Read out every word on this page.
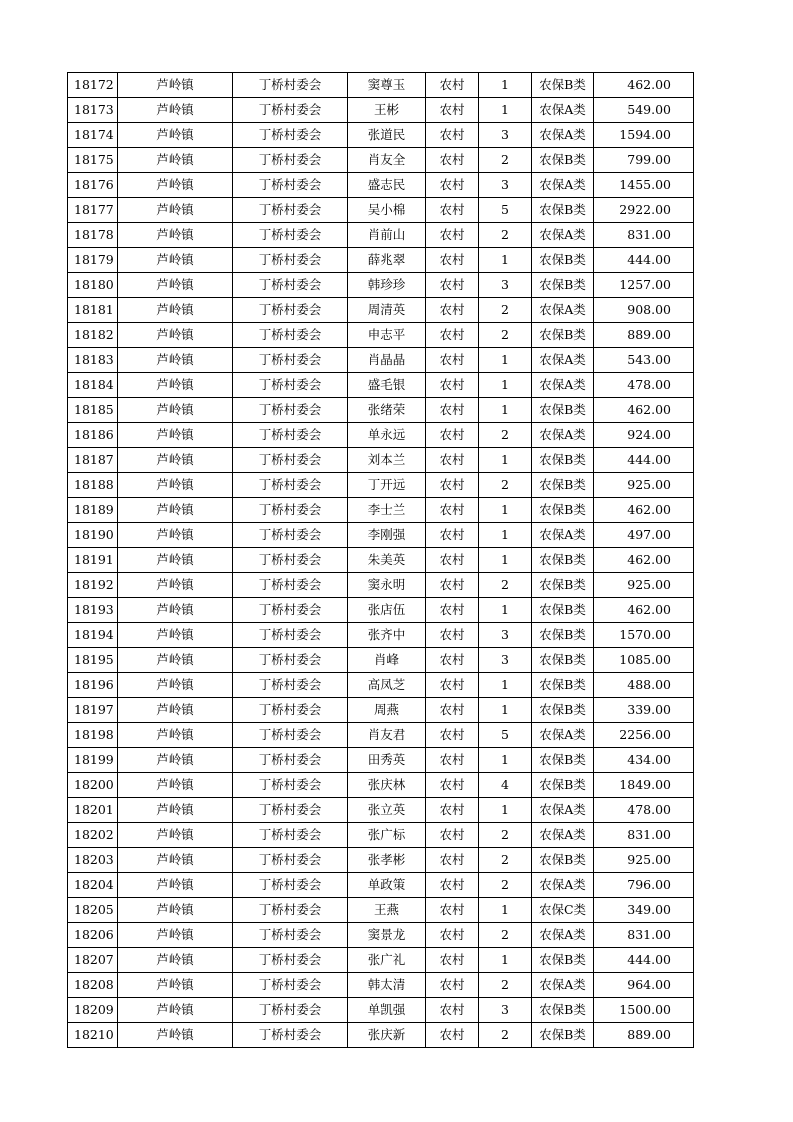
18172	芦岭镇	丁桥村委会	窦尊玉	农村	1	农保B类	462.00
18173	芦岭镇	丁桥村委会	王彬	农村	1	农保A类	549.00
18174	芦岭镇	丁桥村委会	张道民	农村	3	农保A类	1594.00
18175	芦岭镇	丁桥村委会	肖友全	农村	2	农保B类	799.00
18176	芦岭镇	丁桥村委会	盛志民	农村	3	农保A类	1455.00
18177	芦岭镇	丁桥村委会	吴小棉	农村	5	农保B类	2922.00
18178	芦岭镇	丁桥村委会	肖前山	农村	2	农保A类	831.00
18179	芦岭镇	丁桥村委会	薛兆翠	农村	1	农保B类	444.00
18180	芦岭镇	丁桥村委会	韩珍珍	农村	3	农保B类	1257.00
18181	芦岭镇	丁桥村委会	周清英	农村	2	农保A类	908.00
18182	芦岭镇	丁桥村委会	申志平	农村	2	农保B类	889.00
18183	芦岭镇	丁桥村委会	肖晶晶	农村	1	农保A类	543.00
18184	芦岭镇	丁桥村委会	盛毛银	农村	1	农保A类	478.00
18185	芦岭镇	丁桥村委会	张绪荣	农村	1	农保B类	462.00
18186	芦岭镇	丁桥村委会	单永远	农村	2	农保A类	924.00
18187	芦岭镇	丁桥村委会	刘本兰	农村	1	农保B类	444.00
18188	芦岭镇	丁桥村委会	丁开远	农村	2	农保B类	925.00
18189	芦岭镇	丁桥村委会	李士兰	农村	1	农保B类	462.00
18190	芦岭镇	丁桥村委会	李刚强	农村	1	农保A类	497.00
18191	芦岭镇	丁桥村委会	朱美英	农村	1	农保B类	462.00
18192	芦岭镇	丁桥村委会	窦永明	农村	2	农保B类	925.00
18193	芦岭镇	丁桥村委会	张店伍	农村	1	农保B类	462.00
18194	芦岭镇	丁桥村委会	张齐中	农村	3	农保B类	1570.00
18195	芦岭镇	丁桥村委会	肖峰	农村	3	农保B类	1085.00
18196	芦岭镇	丁桥村委会	高凤芝	农村	1	农保B类	488.00
18197	芦岭镇	丁桥村委会	周燕	农村	1	农保B类	339.00
18198	芦岭镇	丁桥村委会	肖友君	农村	5	农保A类	2256.00
18199	芦岭镇	丁桥村委会	田秀英	农村	1	农保B类	434.00
18200	芦岭镇	丁桥村委会	张庆林	农村	4	农保B类	1849.00
18201	芦岭镇	丁桥村委会	张立英	农村	1	农保A类	478.00
18202	芦岭镇	丁桥村委会	张广标	农村	2	农保A类	831.00
18203	芦岭镇	丁桥村委会	张孝彬	农村	2	农保B类	925.00
18204	芦岭镇	丁桥村委会	单政策	农村	2	农保A类	796.00
18205	芦岭镇	丁桥村委会	王燕	农村	1	农保C类	349.00
18206	芦岭镇	丁桥村委会	窦景龙	农村	2	农保A类	831.00
18207	芦岭镇	丁桥村委会	张广礼	农村	1	农保B类	444.00
18208	芦岭镇	丁桥村委会	韩太清	农村	2	农保A类	964.00
18209	芦岭镇	丁桥村委会	单凯强	农村	3	农保B类	1500.00
18210	芦岭镇	丁桥村委会	张庆新	农村	2	农保B类	889.00
